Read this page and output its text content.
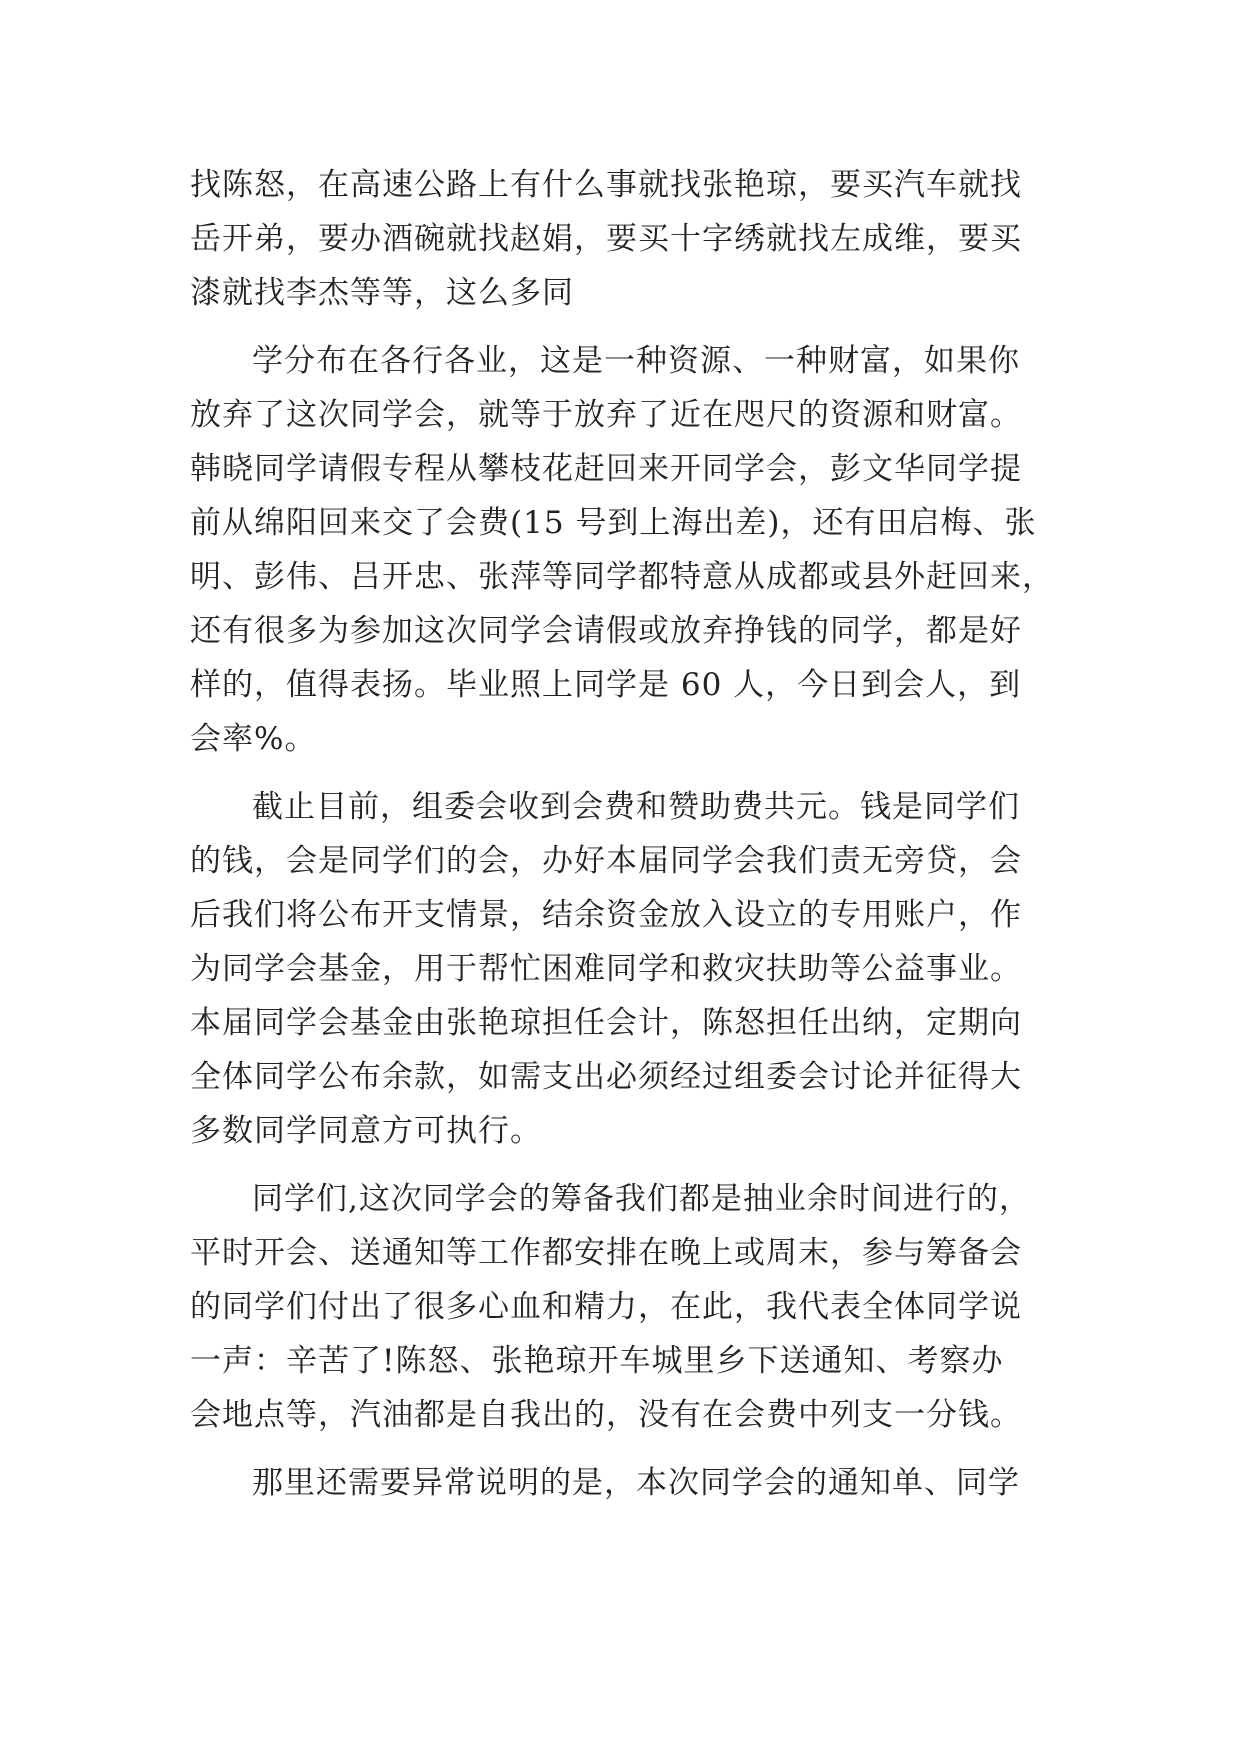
找陈怒，在高速公路上有什么事就找张艳琼，要买汽车就找
岳开弟，要办酒碗就找赵娟，要买十字绣就找左成维，要买
漆就找李杰等等，这么多同
学分布在各行各业，这是一种资源、一种财富，如果你
放弃了这次同学会，就等于放弃了近在咫尺的资源和财富。
韩晓同学请假专程从攀枝花赶回来开同学会，彭文华同学提
前从绵阳回来交了会费(15 号到上海出差)，还有田启梅、张
明、彭伟、吕开忠、张萍等同学都特意从成都或县外赶回来，
还有很多为参加这次同学会请假或放弃挣钱的同学，都是好
样的，值得表扬。毕业照上同学是 60 人，今日到会人，到
会率%。
截止目前，组委会收到会费和赞助费共元。钱是同学们
的钱，会是同学们的会，办好本届同学会我们责无旁贷，会
后我们将公布开支情景，结余资金放入设立的专用账户，作
为同学会基金，用于帮忙困难同学和救灾扶助等公益事业。
本届同学会基金由张艳琼担任会计，陈怒担任出纳，定期向
全体同学公布余款，如需支出必须经过组委会讨论并征得大
多数同学同意方可执行。
同学们,这次同学会的筹备我们都是抽业余时间进行的，
平时开会、送通知等工作都安排在晚上或周末，参与筹备会
的同学们付出了很多心血和精力，在此，我代表全体同学说
一声：辛苦了!陈怒、张艳琼开车城里乡下送通知、考察办
会地点等，汽油都是自我出的，没有在会费中列支一分钱。
那里还需要异常说明的是，本次同学会的通知单、同学
